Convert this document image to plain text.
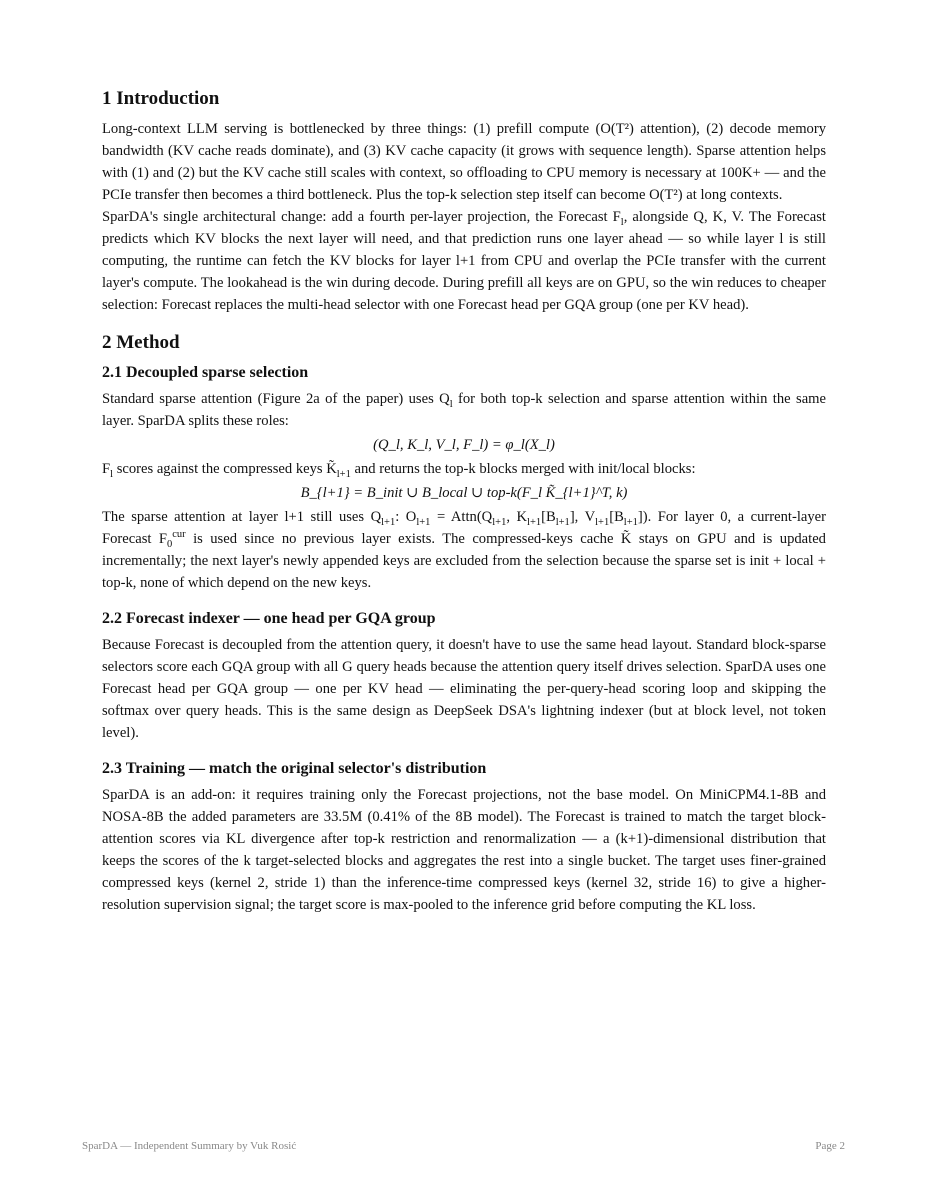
1 Introduction

Long-context LLM serving is bottlenecked by three things: (1) prefill compute (O(T²) attention), (2) decode memory bandwidth (KV cache reads dominate), and (3) KV cache capacity (it grows with sequence length). Sparse attention helps with (1) and (2) but the KV cache still scales with context, so offloading to CPU memory is necessary at 100K+ — and the PCIe transfer then becomes a third bottleneck. Plus the top-k selection step itself can become O(T²) at long contexts.

SparDA's single architectural change: add a fourth per-layer projection, the Forecast $F_l$, alongside Q, K, V. The Forecast predicts which KV blocks the next layer will need, and that prediction runs one layer ahead — so while layer l is still computing, the runtime can fetch the KV blocks for layer l+1 from CPU and overlap the PCIe transfer with the current layer's compute. The lookahead is the win during decode. During prefill all keys are on GPU, so the win reduces to cheaper selection: Forecast replaces the multi-head selector with one Forecast head per GQA group (one per KV head).

2 Method
2.1 Decoupled sparse selection

Standard sparse attention (Figure 2a of the paper) uses $Q_l$ for both top-k selection and sparse attention within the same layer. SparDA splits these roles:

(Q_l, K_l, V_l, F_l) = φ_l(X_l)

$F_l$ scores against the compressed keys $K̃_{l+1}$ and returns the top-k blocks merged with init/local blocks:

B_{l+1} = B_init ∪ B_local ∪ top-k(F_l K̃_{l+1}^T, k)

The sparse attention at layer l+1 still uses $Q_{l+1}$: $O_{l+1}$ = $Attn(Q_{l+1}$, $K_{l+1}[B_{l+1}]$, $V_{l+1}[B_{l+1}]$). For layer 0, a current-layer Forecast $F_0^{cur}$ is used since no previous layer exists. The compressed-keys cache K̃ stays on GPU and is updated incrementally; the next layer's newly appended keys are excluded from the selection because the sparse set is init + local + top-k, none of which depend on the new keys.

2.2 Forecast indexer — one head per GQA group

Because Forecast is decoupled from the attention query, it doesn't have to use the same head layout. Standard block-sparse selectors score each GQA group with all G query heads because the attention query itself drives selection. SparDA uses one Forecast head per GQA group — one per KV head — eliminating the per-query-head scoring loop and skipping the softmax over query heads. This is the same design as DeepSeek DSA's lightning indexer (but at block level, not token level).

2.3 Training — match the original selector's distribution

SparDA is an add-on: it requires training only the Forecast projections, not the base model. On MiniCPM4.1-8B and NOSA-8B the added parameters are 33.5M (0.41% of the 8B model). The Forecast is trained to match the target block-attention scores via KL divergence after top-k restriction and renormalization — a (k+1)-dimensional distribution that keeps the scores of the k target-selected blocks and aggregates the rest into a single bucket. The target uses finer-grained compressed keys (kernel 2, stride 1) than the inference-time compressed keys (kernel 32, stride 16) to give a higher-resolution supervision signal; the target score is max-pooled to the inference grid before computing the KL loss.

SparDA — Independent Summary by Vuk Rosić	Page 2
